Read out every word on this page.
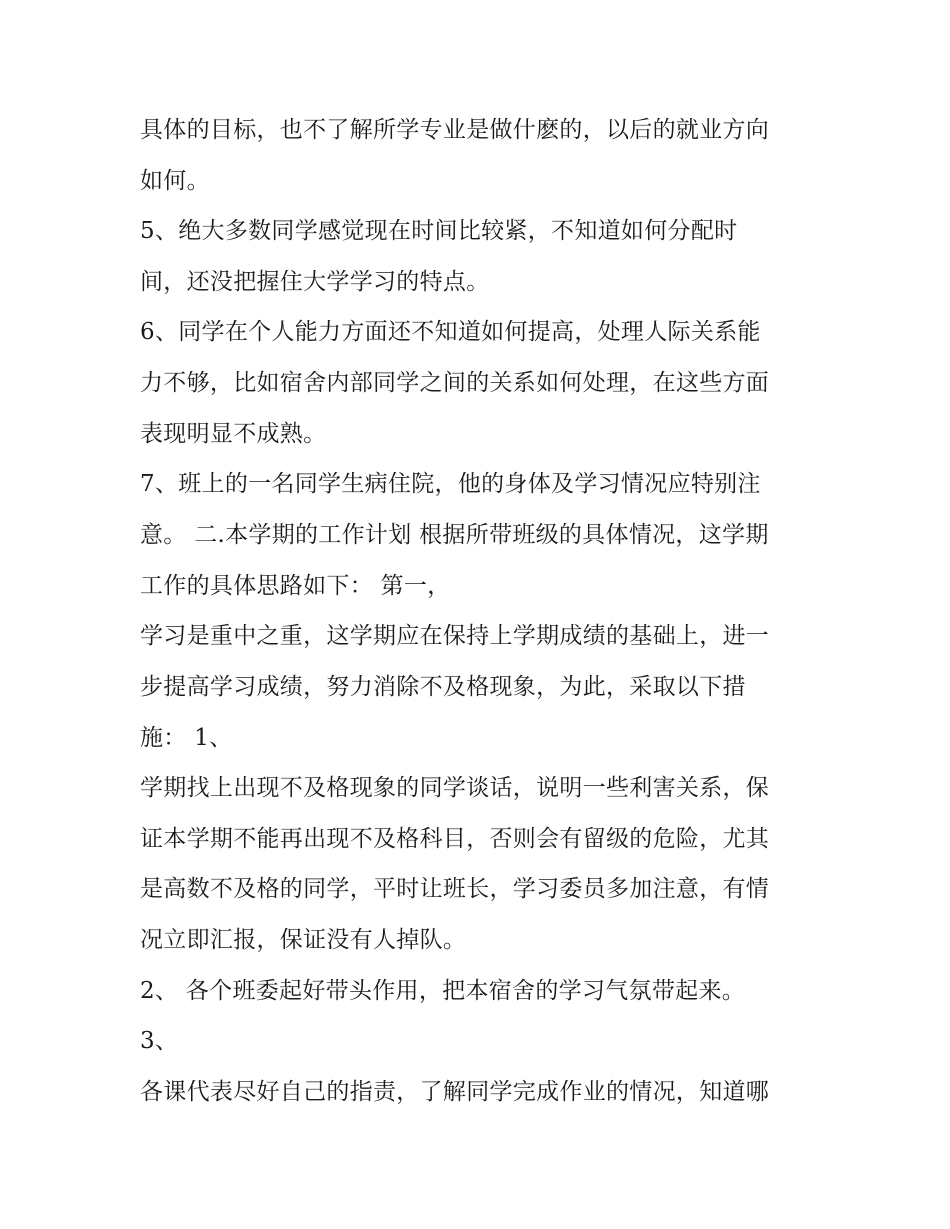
具体的目标，也不了解所学专业是做什麽的，以后的就业方向
如何。
5、绝大多数同学感觉现在时间比较紧，不知道如何分配时
间，还没把握住大学学习的特点。
6、同学在个人能力方面还不知道如何提高，处理人际关系能
力不够，比如宿舍内部同学之间的关系如何处理，在这些方面
表现明显不成熟。
7、班上的一名同学生病住院，他的身体及学习情况应特别注
意。 二.本学期的工作计划 根据所带班级的具体情况，这学期
工作的具体思路如下： 第一，
学习是重中之重，这学期应在保持上学期成绩的基础上，进一
步提高学习成绩，努力消除不及格现象，为此，采取以下措
施： 1、
学期找上出现不及格现象的同学谈话，说明一些利害关系，保
证本学期不能再出现不及格科目，否则会有留级的危险，尤其
是高数不及格的同学，平时让班长，学习委员多加注意，有情
况立即汇报，保证没有人掉队。
2、 各个班委起好带头作用，把本宿舍的学习气氛带起来。
3、
各课代表尽好自己的指责，了解同学完成作业的情况，知道哪
